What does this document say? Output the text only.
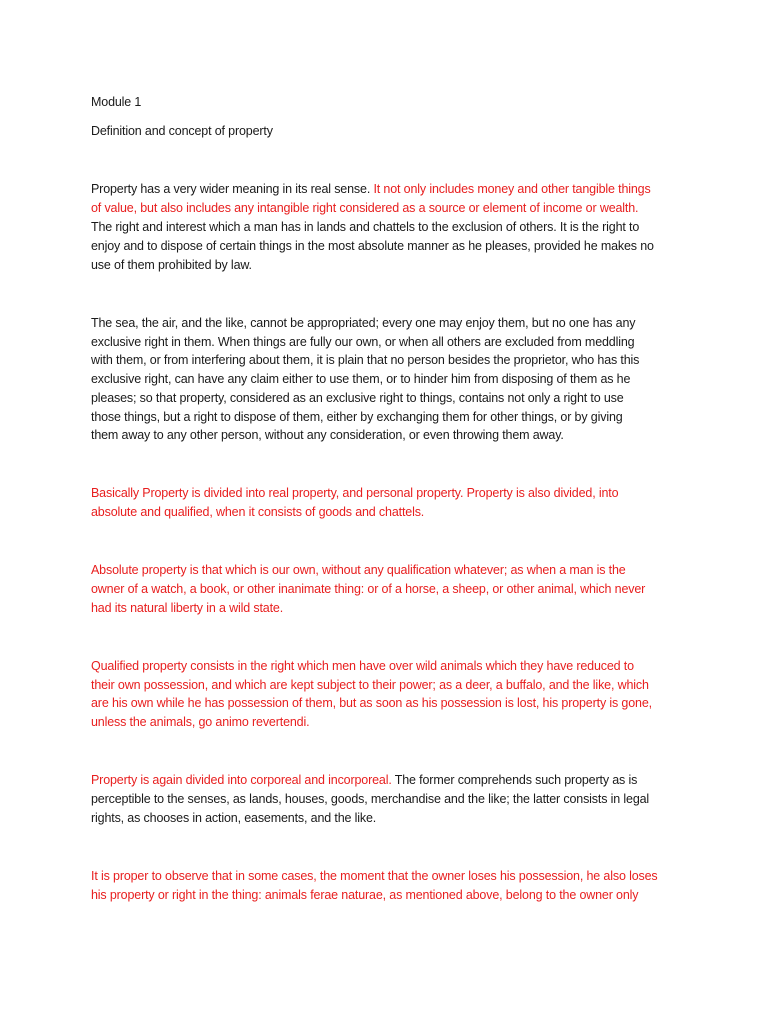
Module 1
Definition and concept of property
Property has a very wider meaning in its real sense. It not only includes money and other tangible things
of value, but also includes any intangible right considered as a source or element of income or wealth.
The right and interest which a man has in lands and chattels to the exclusion of others. It is the right to
enjoy and to dispose of certain things in the most absolute manner as he pleases, provided he makes no
use of them prohibited by law.
The sea, the air, and the like, cannot be appropriated; every one may enjoy them, but no one has any
exclusive right in them. When things are fully our own, or when all others are excluded from meddling
with them, or from interfering about them, it is plain that no person besides the proprietor, who has this
exclusive right, can have any claim either to use them, or to hinder him from disposing of them as he
pleases; so that property, considered as an exclusive right to things, contains not only a right to use
those things, but a right to dispose of them, either by exchanging them for other things, or by giving
them away to any other person, without any consideration, or even throwing them away.
Basically Property is divided into real property, and personal property. Property is also divided, into
absolute and qualified, when it consists of goods and chattels.
Absolute property is that which is our own, without any qualification whatever; as when a man is the
owner of a watch, a book, or other inanimate thing: or of a horse, a sheep, or other animal, which never
had its natural liberty in a wild state.
Qualified property consists in the right which men have over wild animals which they have reduced to
their own possession, and which are kept subject to their power; as a deer, a buffalo, and the like, which
are his own while he has possession of them, but as soon as his possession is lost, his property is gone,
unless the animals, go animo revertendi.
Property is again divided into corporeal and incorporeal. The former comprehends such property as is
perceptible to the senses, as lands, houses, goods, merchandise and the like; the latter consists in legal
rights, as chooses in action, easements, and the like.
It is proper to observe that in some cases, the moment that the owner loses his possession, he also loses
his property or right in the thing: animals ferae naturae, as mentioned above, belong to the owner only
